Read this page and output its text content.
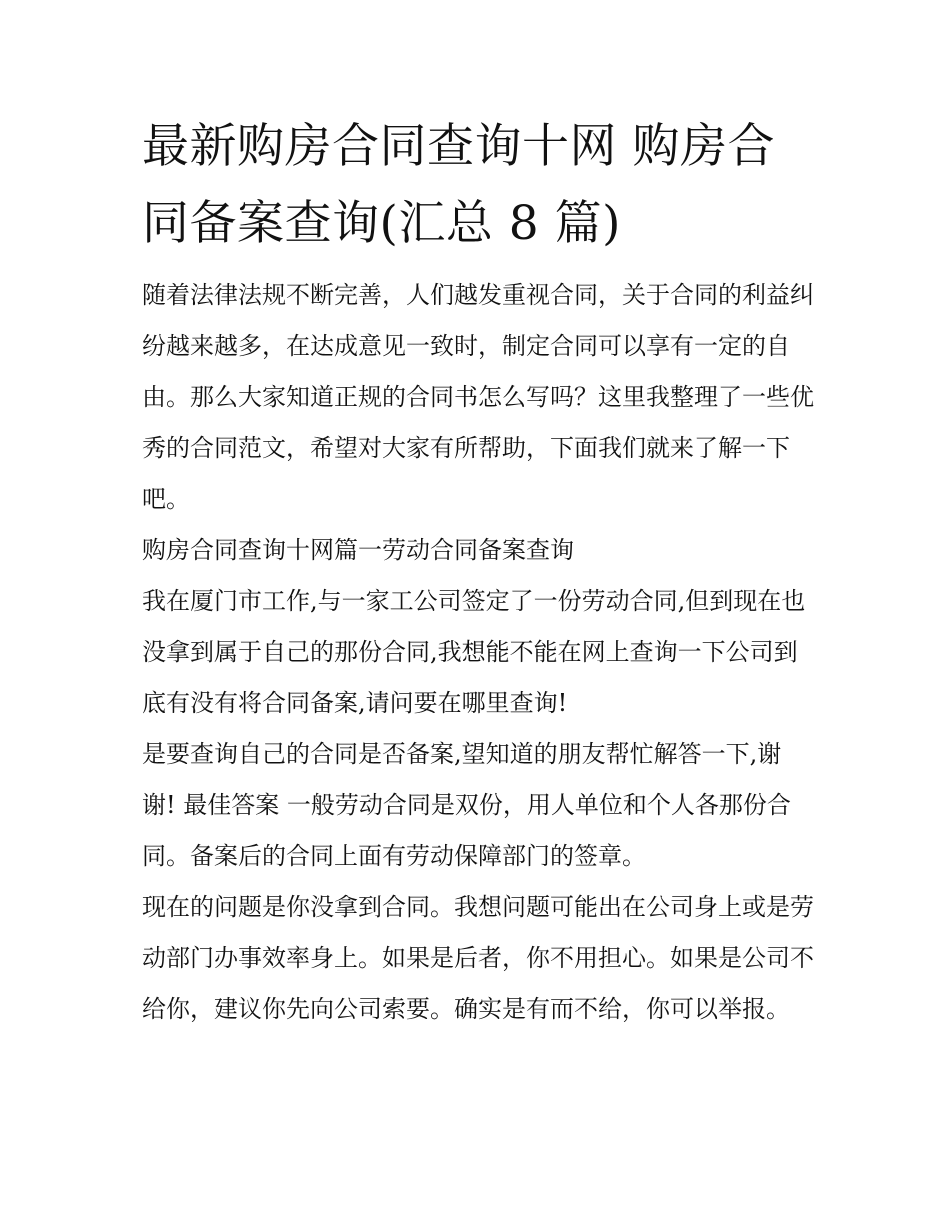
最新购房合同查询十网 购房合同备案查询(汇总 8 篇)

随着法律法规不断完善，人们越发重视合同，关于合同的利益纠纷越来越多，在达成意见一致时，制定合同可以享有一定的自由。那么大家知道正规的合同书怎么写吗？这里我整理了一些优秀的合同范文，希望对大家有所帮助，下面我们就来了解一下吧。

购房合同查询十网篇一劳动合同备案查询

我在厦门市工作,与一家工公司签定了一份劳动合同,但到现在也没拿到属于自己的那份合同,我想能不能在网上查询一下公司到底有没有将合同备案,请问要在哪里查询!

是要查询自己的合同是否备案,望知道的朋友帮忙解答一下,谢谢! 最佳答案 一般劳动合同是双份，用人单位和个人各那份合同。备案后的合同上面有劳动保障部门的签章。

现在的问题是你没拿到合同。我想问题可能出在公司身上或是劳动部门办事效率身上。如果是后者，你不用担心。如果是公司不给你，建议你先向公司索要。确实是有而不给，你可以举报。
